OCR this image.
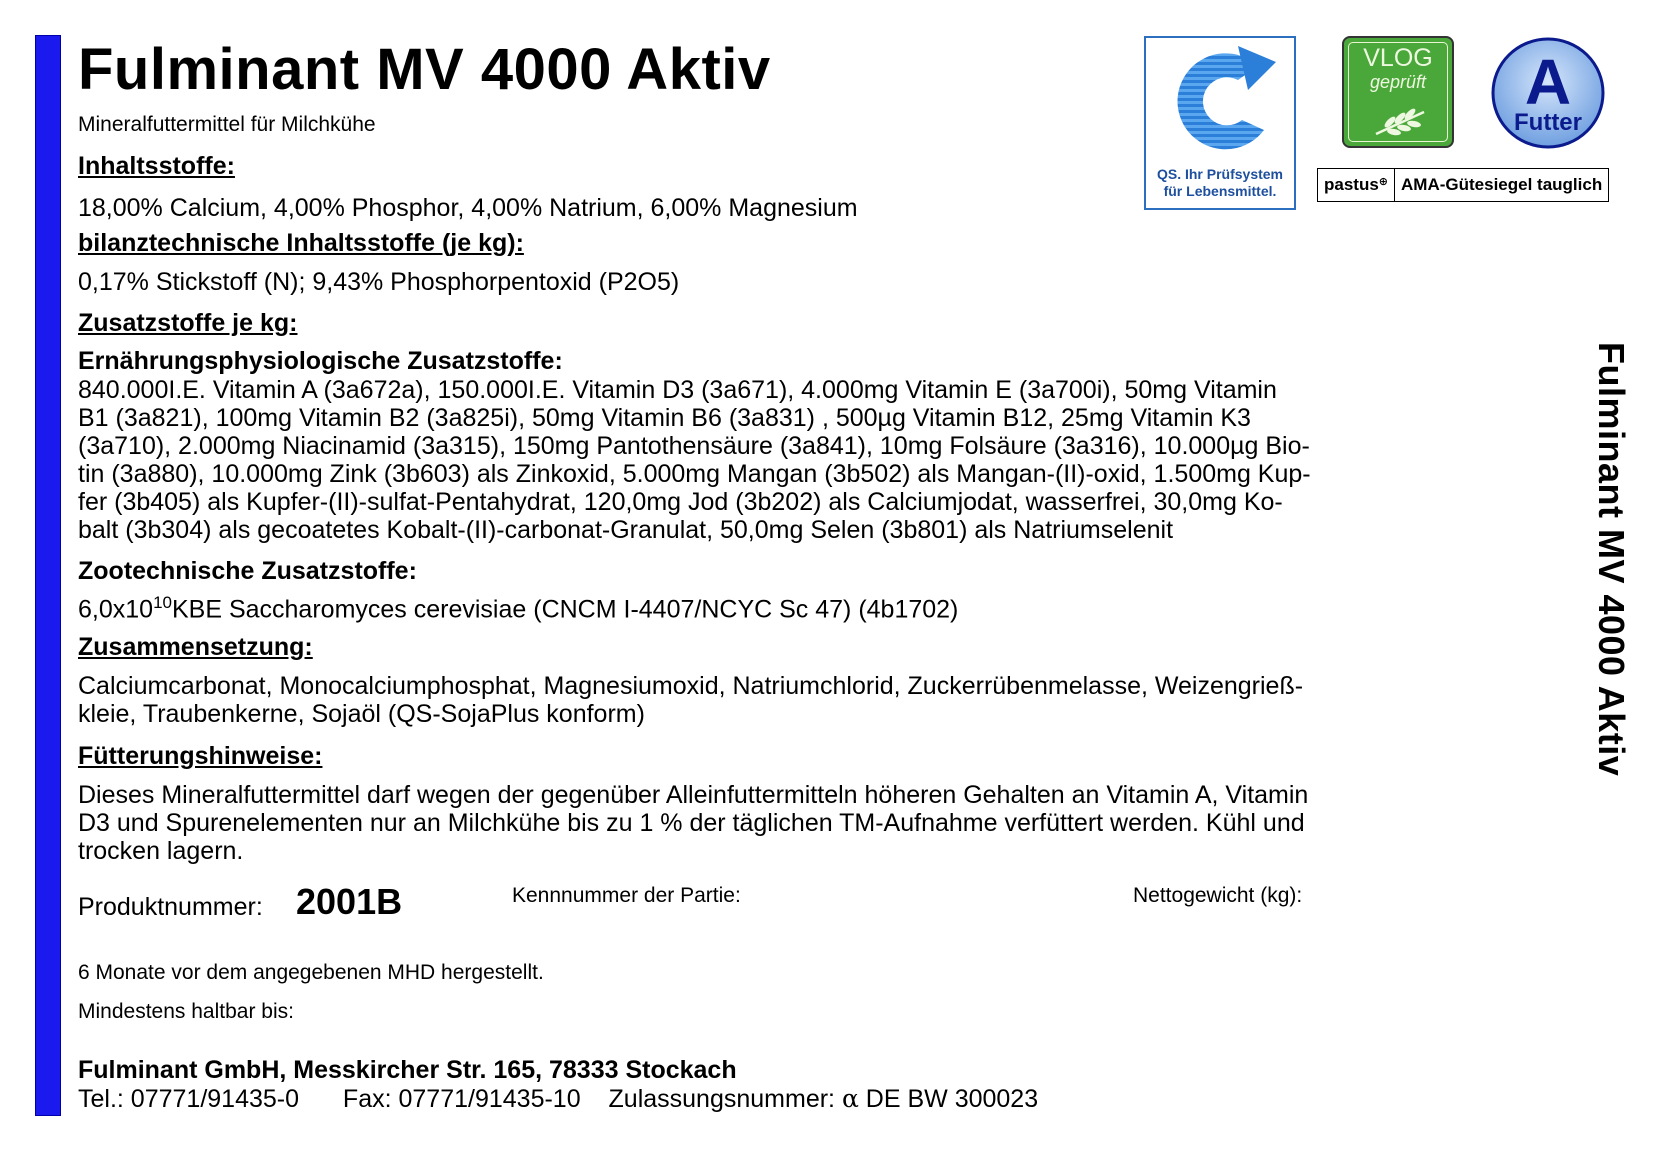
Fulminant MV 4000 Aktiv
Mineralfuttermittel für Milchkühe
QS. Ihr Prüfsystem
für Lebensmittel.
VLOG
geprüft	A
Futter
pastus ⊕ AMA-Gütesiegel tauglich
Fulminant MV 4000 Aktiv
Inhaltsstoffe:
18,00% Calcium, 4,00% Phosphor, 4,00% Natrium, 6,00% Magnesium
bilanztechnische Inhaltsstoffe (je kg):
0,17% Stickstoff (N); 9,43% Phosphorpentoxid (P2O5)
Zusatzstoffe je kg:
Ernährungsphysiologische Zusatzstoffe:
840.000I.E. Vitamin A (3a672a), 150.000I.E. Vitamin D3 (3a671), 4.000mg Vitamin E (3a700i), 50mg Vitamin
B1 (3a821), 100mg Vitamin B2 (3a825i), 50mg Vitamin B6 (3a831) , 500µg Vitamin B12, 25mg Vitamin K3
(3a710), 2.000mg Niacinamid (3a315), 150mg Pantothensäure (3a841), 10mg Folsäure (3a316), 10.000µg Bio-
tin (3a880), 10.000mg Zink (3b603) als Zinkoxid, 5.000mg Mangan (3b502) als Mangan-(II)-oxid, 1.500mg Kup-
fer (3b405) als Kupfer-(II)-sulfat-Pentahydrat, 120,0mg Jod (3b202) als Calciumjodat, wasserfrei, 30,0mg Ko-
balt (3b304) als gecoatetes Kobalt-(II)-carbonat-Granulat, 50,0mg Selen (3b801) als Natriumselenit
Zootechnische Zusatzstoffe:
$6,0x10^{10}KBE$ Saccharomyces cerevisiae (CNCM I-4407/NCYC Sc 47) (4b1702)
Zusammensetzung:
Calciumcarbonat, Monocalciumphosphat, Magnesiumoxid, Natriumchlorid, Zuckerrübenmelasse, Weizengrieß-
kleie, Traubenkerne, Sojaöl (QS-SojaPlus konform)
Fütterungshinweise:
Dieses Mineralfuttermittel darf wegen der gegenüber Alleinfuttermitteln höheren Gehalten an Vitamin A, Vitamin
D3 und Spurenelementen nur an Milchkühe bis zu 1 % der täglichen TM-Aufnahme verfüttert werden. Kühl und
trocken lagern.
Produktnummer: 2001B	Kennnummer der Partie:	Nettogewicht (kg):
6 Monate vor dem angegebenen MHD hergestellt.
Mindestens haltbar bis:
Fulminant GmbH, Messkircher Str. 165, 78333 Stockach
Tel.: 07771/91435-0 Fax: 07771/91435-10 Zulassungsnummer: α DE BW 300023
